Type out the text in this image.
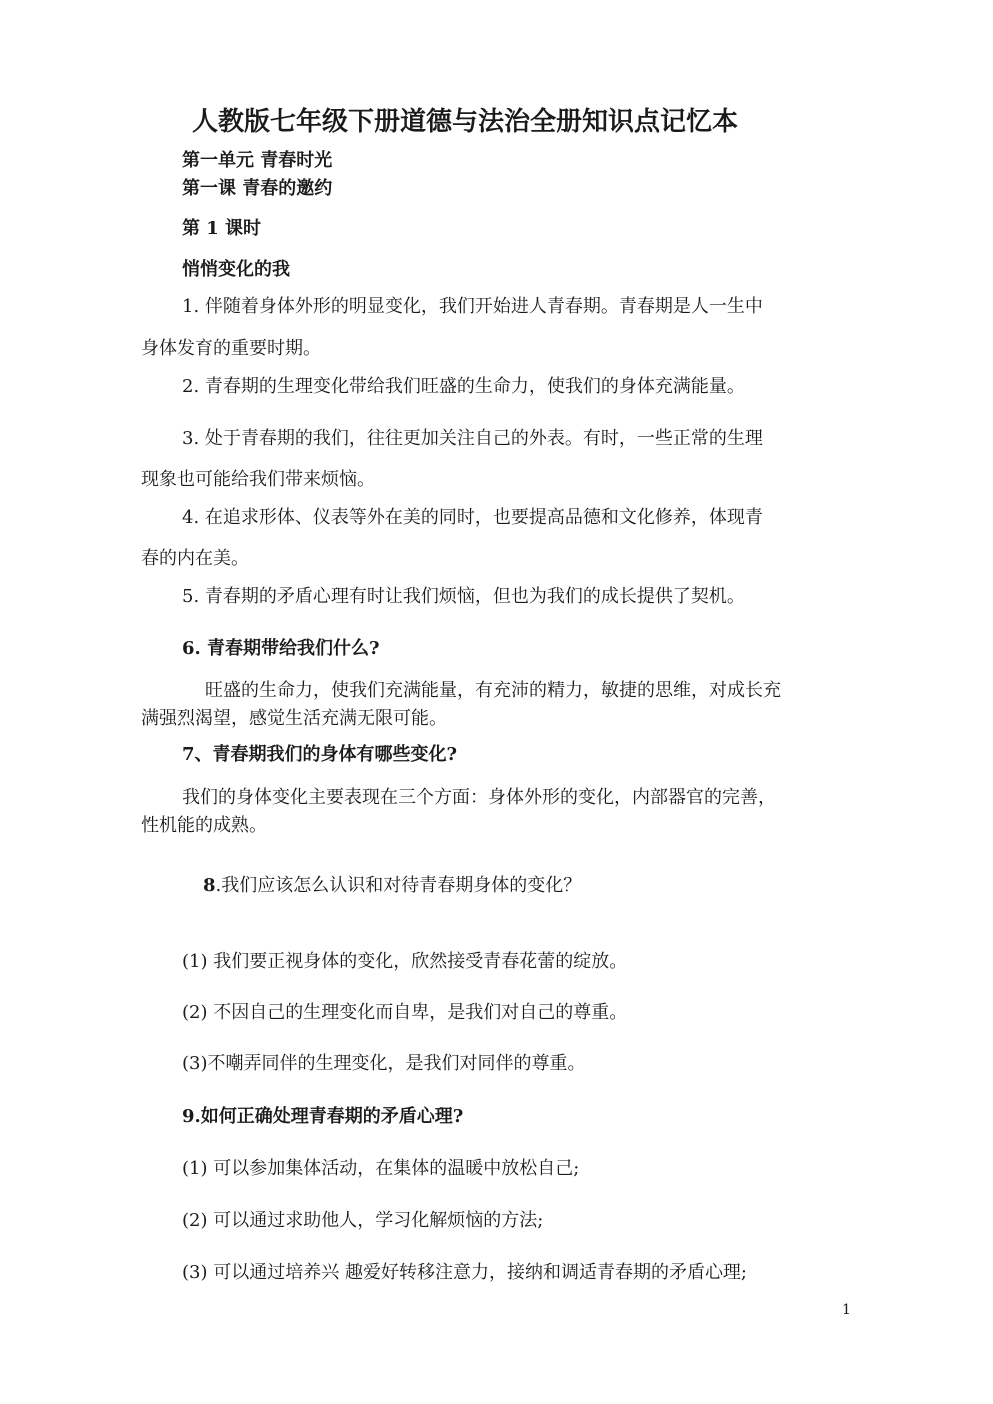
人教版七年级下册道德与法治全册知识点记忆本
第一单元 青春时光
第一课 青春的邀约
第 1 课时
悄悄变化的我
1. 伴随着身体外形的明显变化，我们开始进人青春期。青春期是人一生中
身体发育的重要时期。
2. 青春期的生理变化带给我们旺盛的生命力，使我们的身体充满能量。
3. 处于青春期的我们，往往更加关注自己的外表。有时，一些正常的生理
现象也可能给我们带来烦恼。
4. 在追求形体、仪表等外在美的同时，也要提高品德和文化修养，体现青
春的内在美。
5. 青春期的矛盾心理有时让我们烦恼，但也为我们的成长提供了契机。
6. 青春期带给我们什么?
旺盛的生命力，使我们充满能量，有充沛的精力，敏捷的思维，对成长充
满强烈渴望，感觉生活充满无限可能。
7、青春期我们的身体有哪些变化?
我们的身体变化主要表现在三个方面：身体外形的变化，内部器官的完善，
性机能的成熟。
8.我们应该怎么认识和对待青春期身体的变化？
(1) 我们要正视身体的变化，欣然接受青春花蕾的绽放。
(2) 不因自己的生理变化而自卑，是我们对自己的尊重。
(3)不嘲弄同伴的生理变化，是我们对同伴的尊重。
9.如何正确处理青春期的矛盾心理?
(1) 可以参加集体活动，在集体的温暖中放松自己;
(2) 可以通过求助他人，学习化解烦恼的方法;
(3) 可以通过培养兴 趣爱好转移注意力，接纳和调适青春期的矛盾心理;
1
